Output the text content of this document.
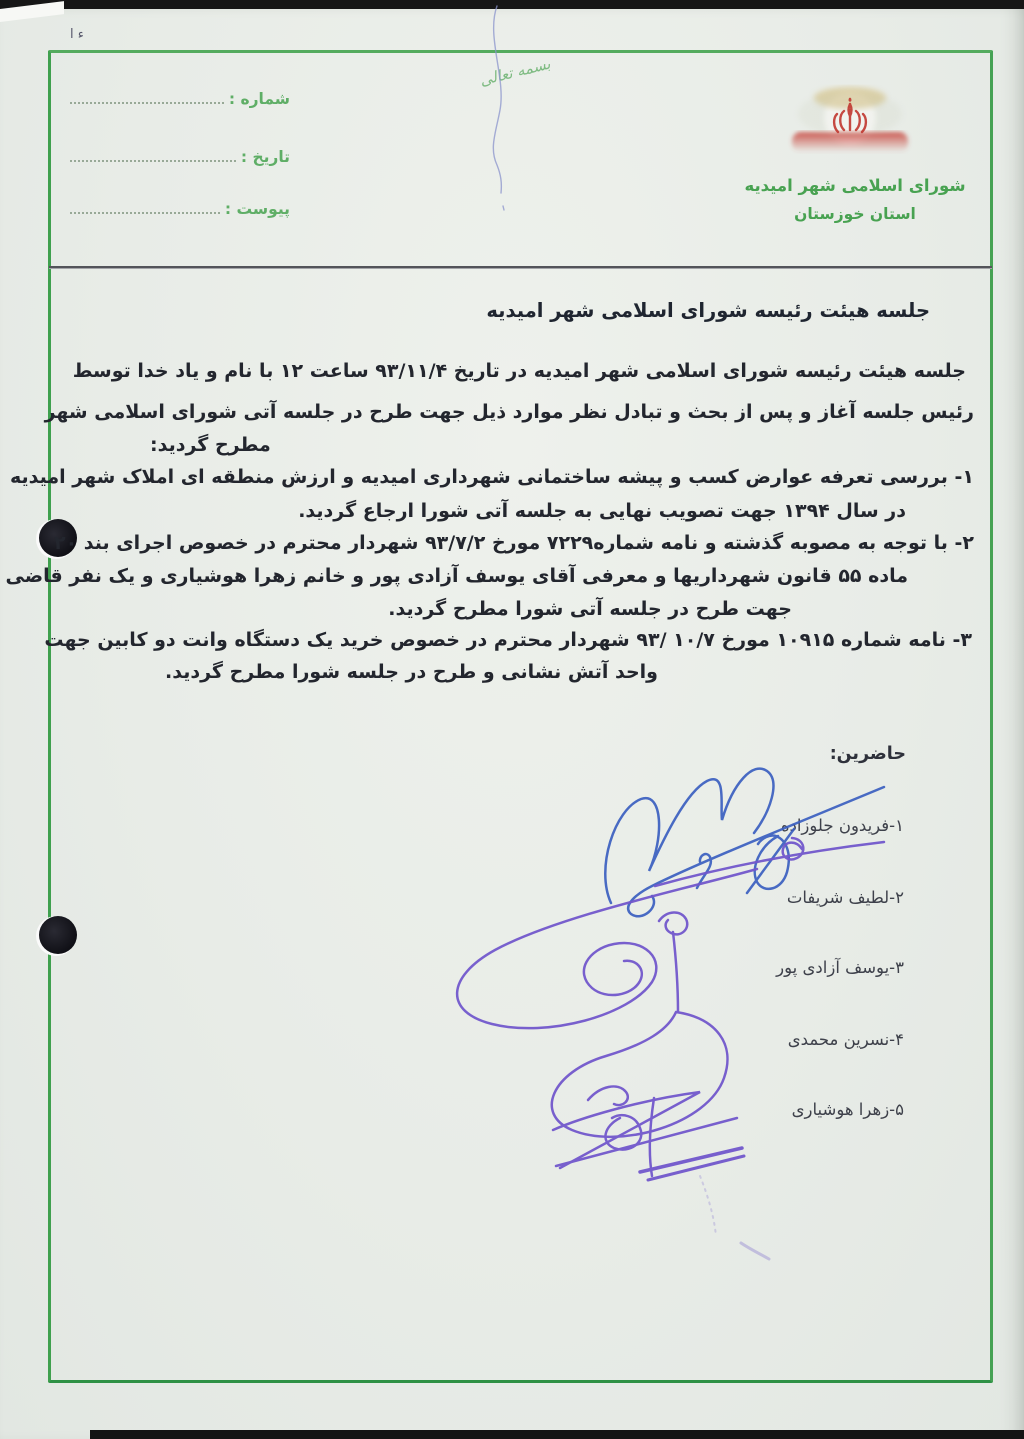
ء ا
بسمه تعالی
شماره :
تاریخ :
پیوست :
شورای اسلامی شهر امیدیه
استان خوزستان
جلسه هیئت رئیسه شورای اسلامی شهر امیدیه
جلسه هیئت رئیسه شورای اسلامی شهر امیدیه در تاریخ ۹۳/۱۱/۴ ساعت ۱۲ با نام و یاد خدا توسط
رئیس جلسه آغاز و پس از بحث و تبادل نظر موارد ذیل جهت طرح در جلسه آتی شورای اسلامی شهر
مطرح گردید:
۱- بررسی تعرفه عوارض کسب و پیشه ساختمانی شهرداری امیدیه و ارزش منطقه ای املاک شهر امیدیه
در سال ۱۳۹۴ جهت تصویب نهایی به جلسه آتی شورا ارجاع گردید.
۲- با توجه به مصوبه گذشته و نامه شماره۷۲۲۹ مورخ ۹۳/۷/۲ شهردار محترم در خصوص اجرای بند ۲۰
ماده ۵۵ قانون شهرداریها و معرفی آقای یوسف آزادی پور و خانم زهرا هوشیاری و یک نفر قاضی
جهت طرح در جلسه آتی شورا مطرح گردید.
۳- نامه شماره ۱۰۹۱۵ مورخ ۱۰/۷ /۹۳ شهردار محترم در خصوص خرید یک دستگاه وانت دو کابین جهت
واحد آتش نشانی و طرح در جلسه شورا مطرح گردید.
حاضرین:
۱-فریدون جلوزاده
۲-لطیف شریفات
۳-یوسف آزادی پور
۴-نسرین محمدی
۵-زهرا هوشیاری
